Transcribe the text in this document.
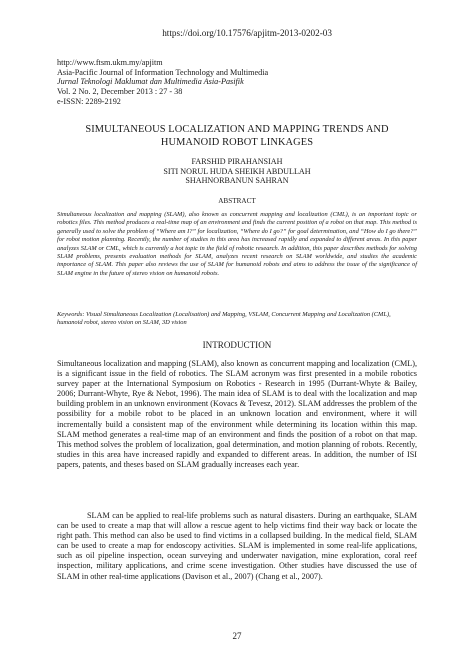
https://doi.org/10.17576/apjitm-2013-0202-03
http://www.ftsm.ukm.my/apjitm
Asia-Pacific Journal of Information Technology and Multimedia
Jurnal Teknologi Maklumat dan Multimedia Asia-Pasifik
Vol. 2 No. 2, December 2013 : 27 - 38
e-ISSN: 2289-2192
SIMULTANEOUS LOCALIZATION AND MAPPING TRENDS AND
HUMANOID ROBOT LINKAGES
FARSHID PIRAHANSIAH
SITI NORUL HUDA SHEIKH ABDULLAH
SHAHNORBANUN SAHRAN
ABSTRACT
Simultaneous localization and mapping (SLAM), also known as concurrent mapping and localization (CML), is an important topic or robotics files. This method produces a real-time map of an environment and finds the current position of a robot on that map. This method is generally used to solve the problem of “Where am I?” for localization, “Where do I go?” for goal determination, and “How do I go there?” for robot motion planning. Recently, the number of studies in this area has increased rapidly and expanded to different areas. In this paper analyzes SLAM or CML, which is currently a hot topic in the field of robotic research. In addition, this paper describes methods for solving SLAM problems, presents evaluation methods for SLAM, analyzes recent research on SLAM worldwide, and studies the academic importance of SLAM. This paper also reviews the use of SLAM for humanoid robots and aims to address the issue of the significance of SLAM engine in the future of stereo vision on humanoid robots.
Keywords: Visual Simultaneous Localization (Localisation) and Mapping, VSLAM, Concurrent Mapping and Localization (CML), humanoid robot, stereo vision on SLAM, 3D vision
INTRODUCTION
Simultaneous localization and mapping (SLAM), also known as concurrent mapping and localization (CML), is a significant issue in the field of robotics. The SLAM acronym was first presented in a mobile robotics survey paper at the International Symposium on Robotics - Research in 1995 (Durrant-Whyte & Bailey, 2006; Durrant-Whyte, Rye & Nebot, 1996). The main idea of SLAM is to deal with the localization and map building problem in an unknown environment (Kovacs & Tevesz, 2012). SLAM addresses the problem of the possibility for a mobile robot to be placed in an unknown location and environment, where it will incrementally build a consistent map of the environment while determining its location within this map. SLAM method generates a real-time map of an environment and finds the position of a robot on that map. This method solves the problem of localization, goal determination, and motion planning of robots. Recently, studies in this area have increased rapidly and expanded to different areas. In addition, the number of ISI papers, patents, and theses based on SLAM gradually increases each year.
SLAM can be applied to real-life problems such as natural disasters. During an earthquake, SLAM can be used to create a map that will allow a rescue agent to help victims find their way back or locate the right path. This method can also be used to find victims in a collapsed building. In the medical field, SLAM can be used to create a map for endoscopy activities. SLAM is implemented in some real-life applications, such as oil pipeline inspection, ocean surveying and underwater navigation, mine exploration, coral reef inspection, military applications, and crime scene investigation. Other studies have discussed the use of SLAM in other real-time applications (Davison et al., 2007) (Chang et al., 2007).
27
